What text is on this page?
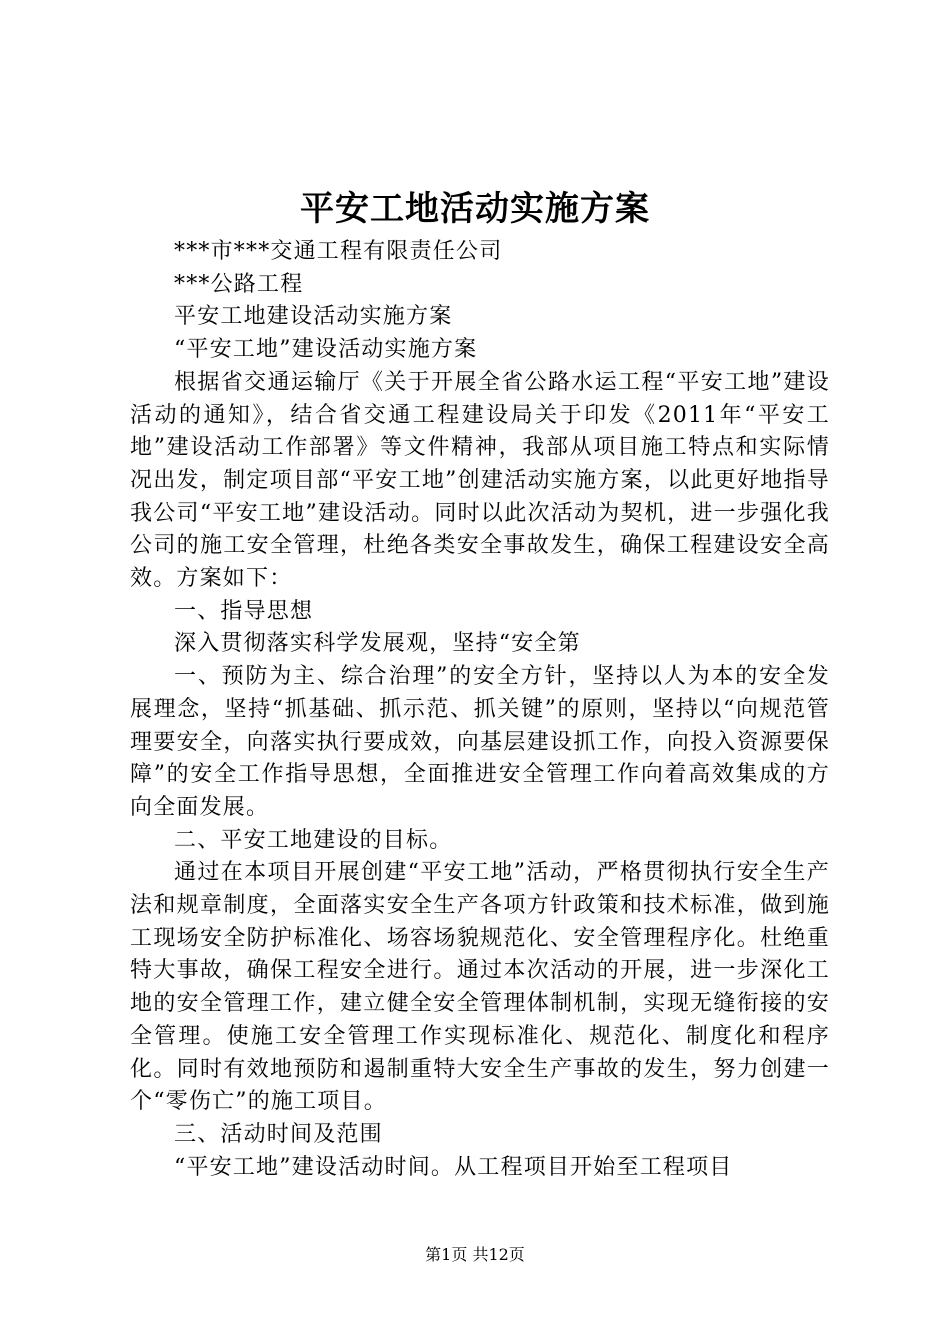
平安工地活动实施方案

***市***交通工程有限责任公司

***公路工程

平安工地建设活动实施方案

“平安工地”建设活动实施方案

根据省交通运输厅《关于开展全省公路水运工程“平安工地”建设活动的通知》，结合省交通工程建设局关于印发《2011年“平安工地”建设活动工作部署》等文件精神，我部从项目施工特点和实际情况出发，制定项目部“平安工地”创建活动实施方案，以此更好地指导我公司“平安工地”建设活动。同时以此次活动为契机，进一步强化我公司的施工安全管理，杜绝各类安全事故发生，确保工程建设安全高效。方案如下：

一、指导思想

深入贯彻落实科学发展观，坚持“安全第

一、预防为主、综合治理”的安全方针，坚持以人为本的安全发展理念，坚持“抓基础、抓示范、抓关键”的原则，坚持以“向规范管理要安全，向落实执行要成效，向基层建设抓工作，向投入资源要保障”的安全工作指导思想，全面推进安全管理工作向着高效集成的方向全面发展。

二、平安工地建设的目标。

通过在本项目开展创建“平安工地”活动，严格贯彻执行安全生产法和规章制度，全面落实安全生产各项方针政策和技术标准，做到施工现场安全防护标准化、场容场貌规范化、安全管理程序化。杜绝重特大事故，确保工程安全进行。通过本次活动的开展，进一步深化工地的安全管理工作，建立健全安全管理体制机制，实现无缝衔接的安全管理。使施工安全管理工作实现标准化、规范化、制度化和程序化。同时有效地预防和遏制重特大安全生产事故的发生，努力创建一个“零伤亡”的施工项目。

三、活动时间及范围

“平安工地”建设活动时间。从工程项目开始至工程项目

第1页 共12页
